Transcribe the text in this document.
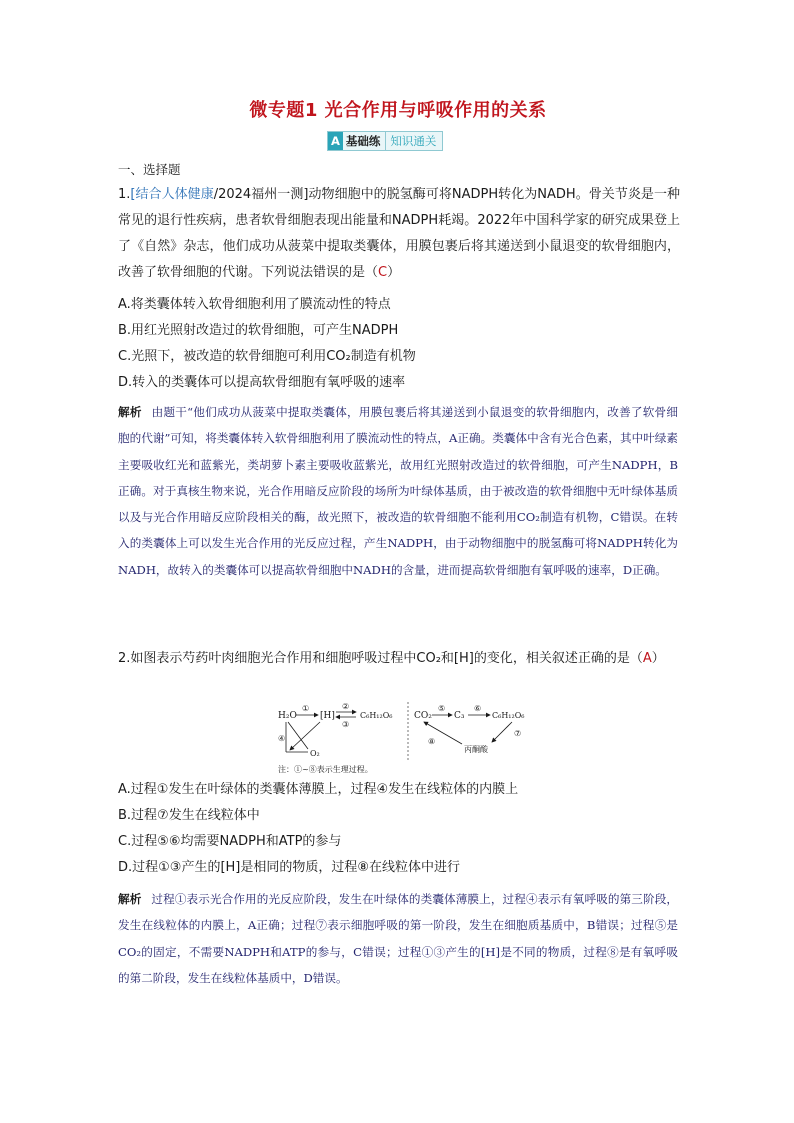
微专题1 光合作用与呼吸作用的关系
A 基础练 知识通关
一、选择题
1.[结合人体健康/2024福州一测]动物细胞中的脱氢酶可将NADPH转化为NADH。骨关节炎是一种常见的退行性疾病，患者软骨细胞表现出能量和NADPH耗竭。2022年中国科学家的研究成果登上了《自然》杂志，他们成功从菠菜中提取类囊体，用膜包裹后将其递送到小鼠退变的软骨细胞内，改善了软骨细胞的代谢。下列说法错误的是（C）
A.将类囊体转入软骨细胞利用了膜流动性的特点
B.用红光照射改造过的软骨细胞，可产生NADPH
C.光照下，被改造的软骨细胞可利用CO₂制造有机物
D.转入的类囊体可以提高软骨细胞有氧呼吸的速率
解析 由题干“他们成功从菠菜中提取类囊体，用膜包裹后将其递送到小鼠退变的软骨细胞内，改善了软骨细胞的代谢”可知，将类囊体转入软骨细胞利用了膜流动性的特点，A正确。类囊体中含有光合色素，其中叶绿素主要吸收红光和蓝紫光，类胡萝卜素主要吸收蓝紫光，故用红光照射改造过的软骨细胞，可产生NADPH，B正确。对于真核生物来说，光合作用暗反应阶段的场所为叶绿体基质，由于被改造的软骨细胞中无叶绿体基质以及与光合作用暗反应阶段相关的酶，故光照下，被改造的软骨细胞不能利用CO₂制造有机物，C错误。在转入的类囊体上可以发生光合作用的光反应过程，产生NADPH，由于动物细胞中的脱氢酶可将NADPH转化为NADH，故转入的类囊体可以提高软骨细胞中NADH的含量，进而提高软骨细胞有氧呼吸的速率，D正确。
2.如图表示芍药叶肉细胞光合作用和细胞呼吸过程中CO₂和[H]的变化，相关叙述正确的是（A）
H₂O
①
[H]
②
③
C₆H₁₂O₆
④
O₂
注：①~⑧表示生理过程。
CO₂
⑤
C₃
⑥
C₆H₁₂O₆
⑦
丙酮酸
⑧
A.过程①发生在叶绿体的类囊体薄膜上，过程④发生在线粒体的内膜上
B.过程⑦发生在线粒体中
C.过程⑤⑥均需要NADPH和ATP的参与
D.过程①③产生的[H]是相同的物质，过程⑧在线粒体中进行
解析 过程①表示光合作用的光反应阶段，发生在叶绿体的类囊体薄膜上，过程④表示有氧呼吸的第三阶段，发生在线粒体的内膜上，A正确；过程⑦表示细胞呼吸的第一阶段，发生在细胞质基质中，B错误；过程⑤是CO₂的固定，不需要NADPH和ATP的参与，C错误；过程①③产生的[H]是不同的物质，过程⑧是有氧呼吸的第二阶段，发生在线粒体基质中，D错误。
